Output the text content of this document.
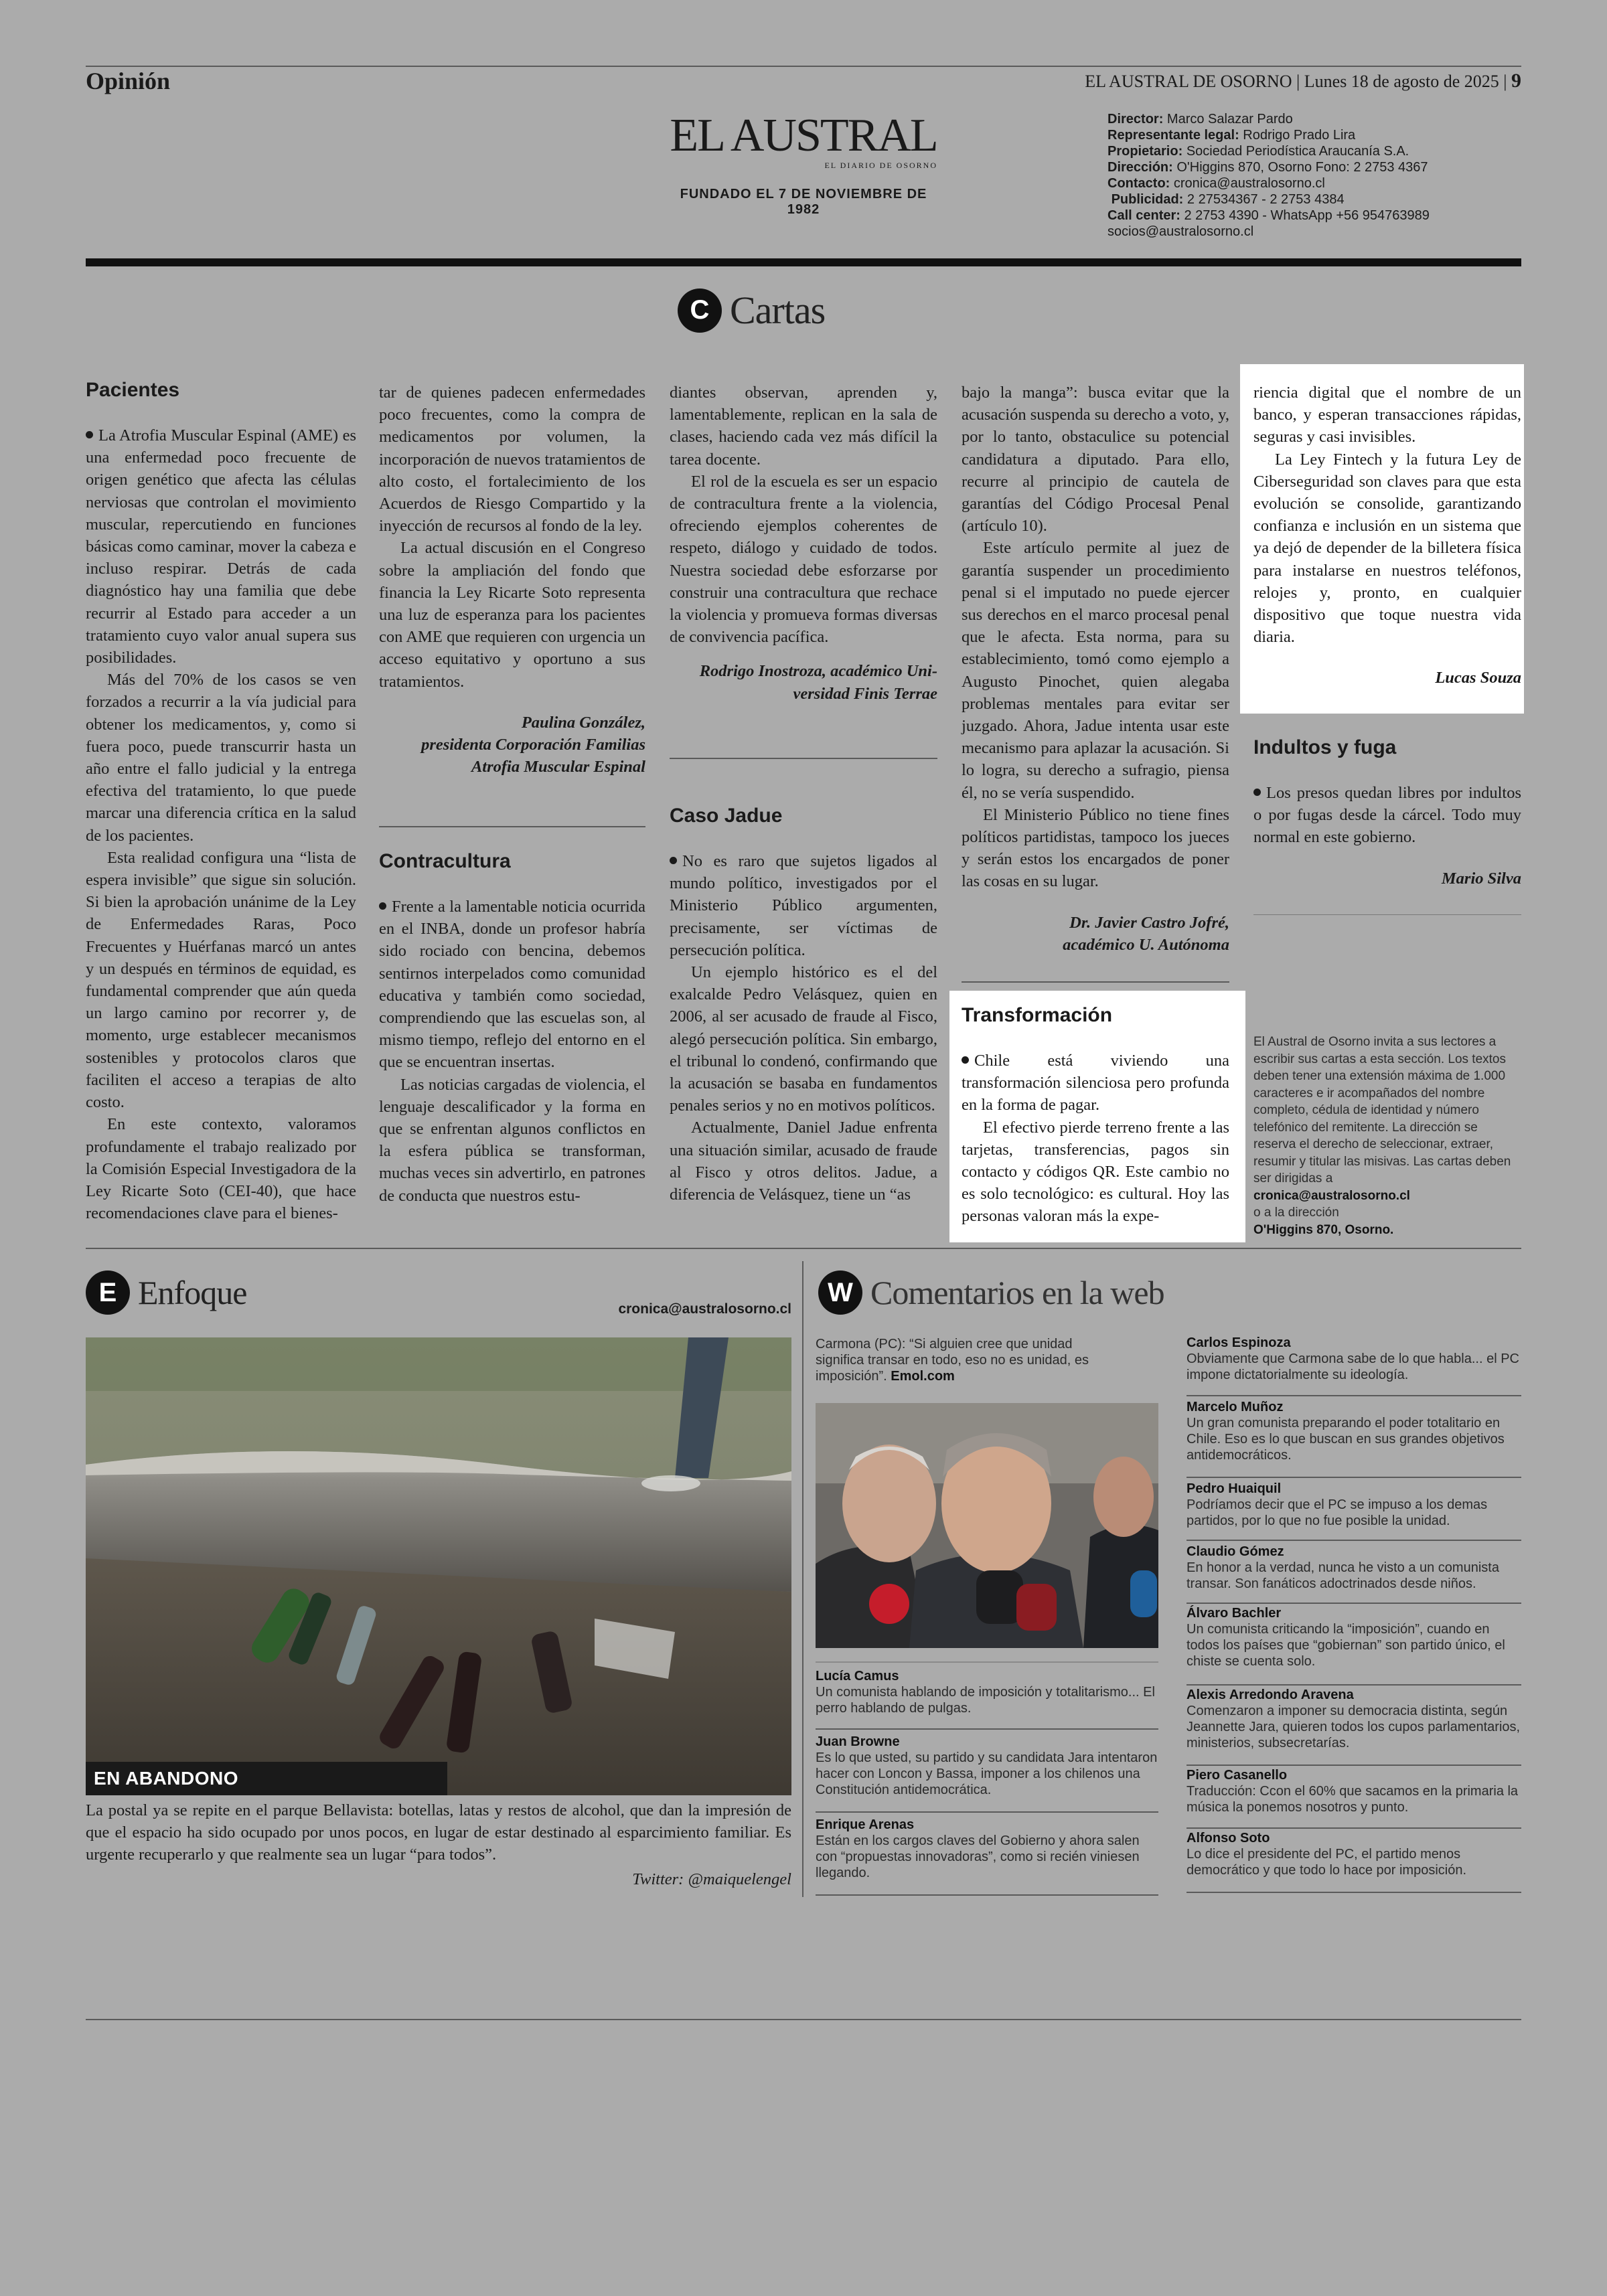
Opinión	EL AUSTRAL DE OSORNO | Lunes 18 de agosto de 2025 | 9
EL AUSTRAL
EL DIARIO DE OSORNO
FUNDADO EL 7 DE NOVIEMBRE DE 1982
Director: Marco Salazar Pardo
Representante legal: Rodrigo Prado Lira
Propietario: Sociedad Periodística Araucanía S.A.
Dirección: O'Higgins 870, Osorno Fono: 2 2753 4367
Contacto: cronica@australosorno.cl
Publicidad: 2 27534367 - 2 2753 4384
Call center: 2 2753 4390 - WhatsApp +56 954763989
socios@australosorno.cl
C Cartas
Pacientes

La Atrofia Muscular Espinal (AME) es una enfermedad poco frecuente de origen genético que afecta las células nerviosas que controlan el movimiento muscular, repercutiendo en funciones básicas como caminar, mover la cabeza e incluso respirar. Detrás de cada diagnóstico hay una familia que debe recurrir al Estado para acceder a un tratamiento cuyo valor anual supera sus posibilidades.

Más del 70% de los casos se ven forzados a recurrir a la vía judicial para obtener los medicamentos, y, como si fuera poco, puede transcurrir hasta un año entre el fallo judicial y la entrega efectiva del tratamiento, lo que puede marcar una diferencia crítica en la salud de los pacientes.

Esta realidad configura una “lista de espera invisible” que sigue sin solución. Si bien la aprobación unánime de la Ley de Enfermedades Raras, Poco Frecuentes y Huérfanas marcó un antes y un después en términos de equidad, es fundamental comprender que aún queda un largo camino por recorrer y, de momento, urge establecer mecanismos sostenibles y protocolos claros que faciliten el acceso a terapias de alto costo.

En este contexto, valoramos profundamente el trabajo realizado por la Comisión Especial Investigadora de la Ley Ricarte Soto (CEI-40), que hace recomendaciones clave para el bienes-

tar de quienes padecen enfermedades poco frecuentes, como la compra de medicamentos por volumen, la incorporación de nuevos tratamientos de alto costo, el fortalecimiento de los Acuerdos de Riesgo Compartido y la inyección de recursos al fondo de la ley.

La actual discusión en el Congreso sobre la ampliación del fondo que financia la Ley Ricarte Soto representa una luz de esperanza para los pacientes con AME que requieren con urgencia un acceso equitativo y oportuno a sus tratamientos.

Paulina González,

presidenta Corporación Familias

Atrofia Muscular Espinal

Contracultura

Frente a la lamentable noticia ocurrida en el INBA, donde un profesor habría sido rociado con bencina, debemos sentirnos interpelados como comunidad educativa y también como sociedad, comprendiendo que las escuelas son, al mismo tiempo, reflejo del entorno en el que se encuentran insertas.

Las noticias cargadas de violencia, el lenguaje descalificador y la forma en que se enfrentan algunos conflictos en la esfera pública se transforman, muchas veces sin advertirlo, en patrones de conducta que nuestros estu-

diantes observan, aprenden y, lamentablemente, replican en la sala de clases, haciendo cada vez más difícil la tarea docente.

El rol de la escuela es ser un espacio de contracultura frente a la violencia, ofreciendo ejemplos coherentes de respeto, diálogo y cuidado de todos. Nuestra sociedad debe esforzarse por construir una contracultura que rechace la violencia y promueva formas diversas de convivencia pacífica.

Rodrigo Inostroza, académico Uni-

versidad Finis Terrae

Caso Jadue

No es raro que sujetos ligados al mundo político, investigados por el Ministerio Público argumenten, precisamente, ser víctimas de persecución política.

Un ejemplo histórico es el del exalcalde Pedro Velásquez, quien en 2006, al ser acusado de fraude al Fisco, alegó persecución política. Sin embargo, el tribunal lo condenó, confirmando que la acusación se basaba en fundamentos penales serios y no en motivos políticos.

Actualmente, Daniel Jadue enfrenta una situación similar, acusado de fraude al Fisco y otros delitos. Jadue, a diferencia de Velásquez, tiene un “as

bajo la manga”: busca evitar que la acusación suspenda su derecho a voto, y, por lo tanto, obstaculice su potencial candidatura a diputado. Para ello, recurre al principio de cautela de garantías del Código Procesal Penal (artículo 10).

Este artículo permite al juez de garantía suspender un procedimiento penal si el imputado no puede ejercer sus derechos en el marco procesal penal que le afecta. Esta norma, para su establecimiento, tomó como ejemplo a Augusto Pinochet, quien alegaba problemas mentales para evitar ser juzgado. Ahora, Jadue intenta usar este mecanismo para aplazar la acusación. Si lo logra, su derecho a sufragio, piensa él, no se vería suspendido.

El Ministerio Público no tiene fines políticos partidistas, tampoco los jueces y serán estos los encargados de poner las cosas en su lugar.

Dr. Javier Castro Jofré,

académico U. Autónoma

Transformación

Chile está viviendo una transformación silenciosa pero profunda en la forma de pagar.

El efectivo pierde terreno frente a las tarjetas, transferencias, pagos sin contacto y códigos QR. Este cambio no es solo tecnológico: es cultural. Hoy las personas valoran más la expe-

riencia digital que el nombre de un banco, y esperan transacciones rápidas, seguras y casi invisibles.

La Ley Fintech y la futura Ley de Ciberseguridad son claves para que esta evolución se consolide, garantizando confianza e inclusión en un sistema que ya dejó de depender de la billetera física para instalarse en nuestros teléfonos, relojes y, pronto, en cualquier dispositivo que toque nuestra vida diaria.

Lucas Souza

Indultos y fuga

Los presos quedan libres por indultos o por fugas desde la cárcel. Todo muy normal en este gobierno.

Mario Silva

El Austral de Osorno invita a sus lectores a escribir sus cartas a esta sección. Los textos deben tener una extensión máxima de 1.000 caracteres e ir acompañados del nombre completo, cédula de identidad y número telefónico del remitente. La dirección se reserva el derecho de seleccionar, extraer, resumir y titular las misivas. Las cartas deben ser dirigidas a
cronica@australosorno.cl
o a la dirección
O'Higgins 870, Osorno.
E Enfoque	cronica@australosorno.cl
EN ABANDONO
La postal ya se repite en el parque Bellavista: botellas, latas y restos de alcohol, que dan la impresión de que el espacio ha sido ocupado por unos pocos, en lugar de estar destinado al esparcimiento familiar. Es urgente recuperarlo y que realmente sea un lugar “para todos”.
Twitter: @maiquelengel
W Comentarios en la web
Carmona (PC): “Si alguien cree que unidad significa transar en todo, eso no es unidad, es imposición”. Emol.com
Lucía Camus
Un comunista hablando de imposición y totalitarismo... El perro hablando de pulgas.
Juan Browne
Es lo que usted, su partido y su candidata Jara intentaron hacer con Loncon y Bassa, imponer a los chilenos una Constitución antidemocrática.
Enrique Arenas
Están en los cargos claves del Gobierno y ahora salen con “propuestas innovadoras”, como si recién viniesen llegando.
Carlos Espinoza
Obviamente que Carmona sabe de lo que habla... el PC impone dictatorialmente su ideología.
Marcelo Muñoz
Un gran comunista preparando el poder totalitario en Chile. Eso es lo que buscan en sus grandes objetivos antidemocráticos.
Pedro Huaiquil
Podríamos decir que el PC se impuso a los demas partidos, por lo que no fue posible la unidad.
Claudio Gómez
En honor a la verdad, nunca he visto a un comunista transar. Son fanáticos adoctrinados desde niños.
Álvaro Bachler
Un comunista criticando la “imposición”, cuando en todos los países que “gobiernan” son partido único, el chiste se cuenta solo.
Alexis Arredondo Aravena
Comenzaron a imponer su democracia distinta, según Jeannette Jara, quieren todos los cupos parlamentarios, ministerios, subsecretarías.
Piero Casanello
Traducción: Ccon el 60% que sacamos en la primaria la música la ponemos nosotros y punto.
Alfonso Soto
Lo dice el presidente del PC, el partido menos democrático y que todo lo hace por imposición.
